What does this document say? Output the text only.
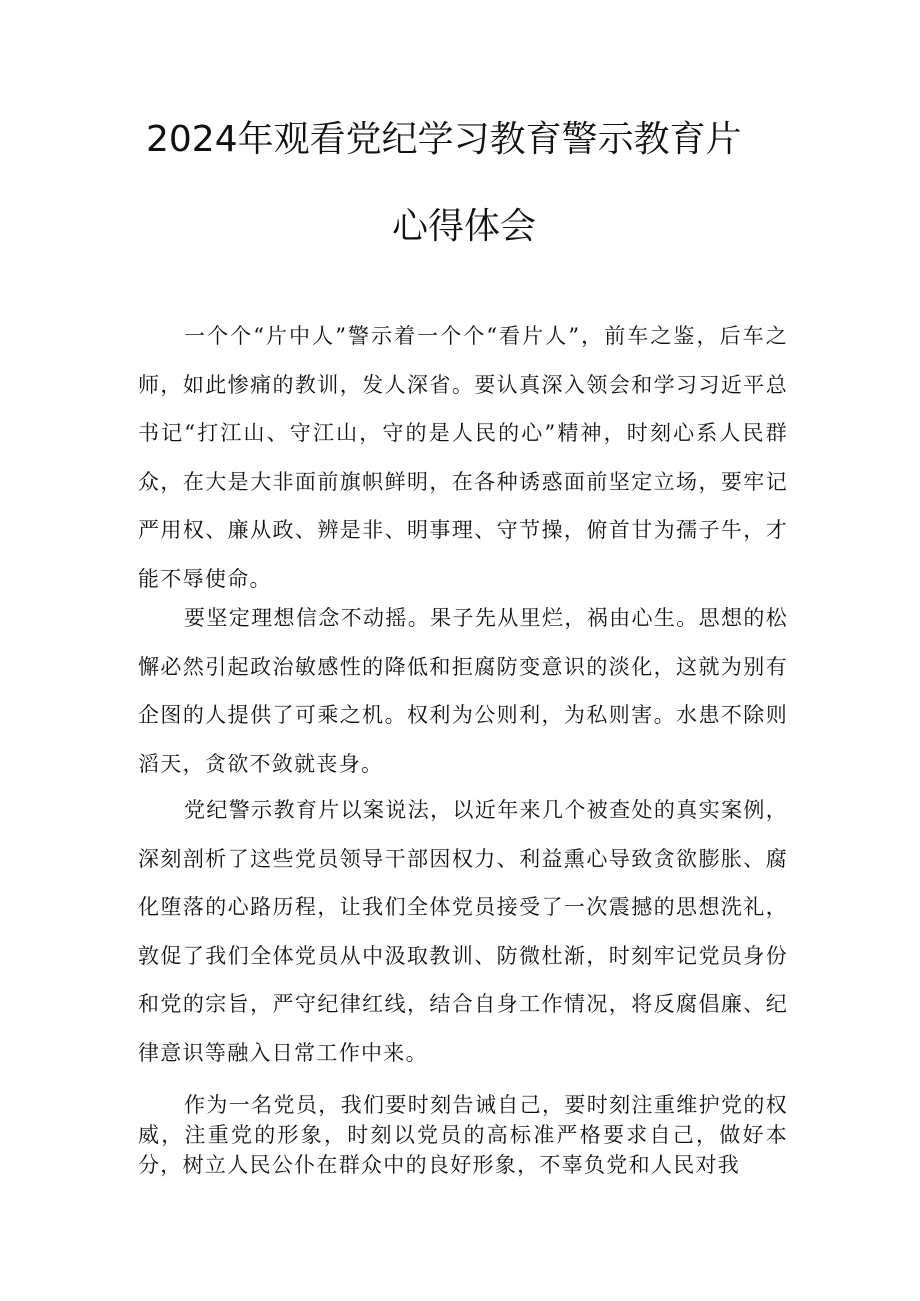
2024年观看党纪学习教育警示教育片
心得体会

一个个“片中人”警示着一个个“看片人”，前车之鉴，后车之师，如此惨痛的教训，发人深省。要认真深入领会和学习习近平总书记“打江山、守江山，守的是人民的心”精神，时刻心系人民群众，在大是大非面前旗帜鲜明，在各种诱惑面前坚定立场，要牢记严用权、廉从政、辨是非、明事理、守节操，俯首甘为孺子牛，才能不辱使命。

要坚定理想信念不动摇。果子先从里烂，祸由心生。思想的松懈必然引起政治敏感性的降低和拒腐防变意识的淡化，这就为别有企图的人提供了可乘之机。权利为公则利，为私则害。水患不除则滔天，贪欲不敛就丧身。

党纪警示教育片以案说法，以近年来几个被查处的真实案例，深刻剖析了这些党员领导干部因权力、利益熏心导致贪欲膨胀、腐化堕落的心路历程，让我们全体党员接受了一次震撼的思想洗礼，敦促了我们全体党员从中汲取教训、防微杜渐，时刻牢记党员身份和党的宗旨，严守纪律红线，结合自身工作情况，将反腐倡廉、纪律意识等融入日常工作中来。

作为一名党员，我们要时刻告诫自己，要时刻注重维护党的权威，注重党的形象，时刻以党员的高标准严格要求自己，做好本分，树立人民公仆在群众中的良好形象，不辜负党和人民对我
